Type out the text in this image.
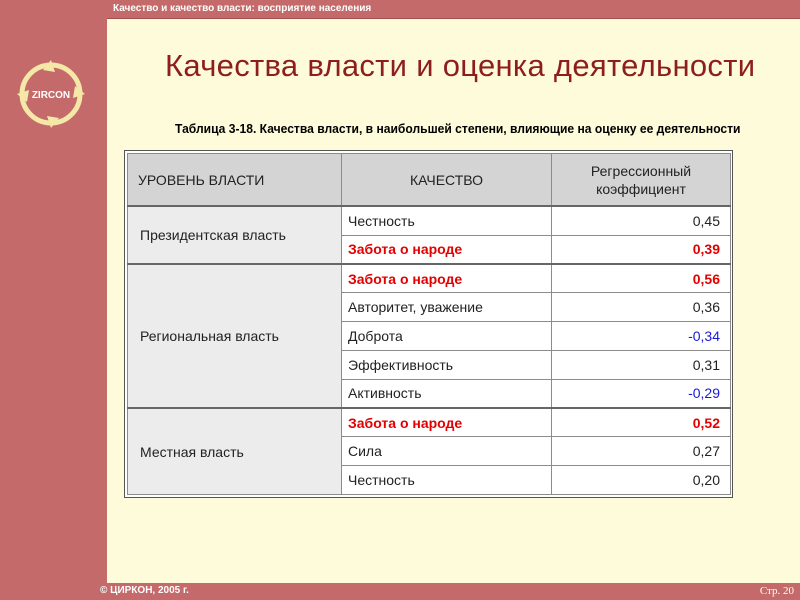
Качество и качество власти: восприятие населения
ZIRCON
Качества власти и оценка деятельности
Таблица 3-18. Качества власти, в наибольшей степени, влияющие на оценку ее деятельности
УРОВЕНЬ ВЛАСТИ	КАЧЕСТВО	Регрессионный
коэффициент
Президентская власть	Честность	0,45
	Забота о народе	0,39
Региональная власть	Забота о народе	0,56
	Авторитет, уважение	0,36
	Доброта	-0,34
	Эффективность	0,31
	Активность	-0,29
Местная власть	Забота о народе	0,52
	Сила	0,27
	Честность	0,20
© ЦИРКОН, 2005 г.	Стр. 20
